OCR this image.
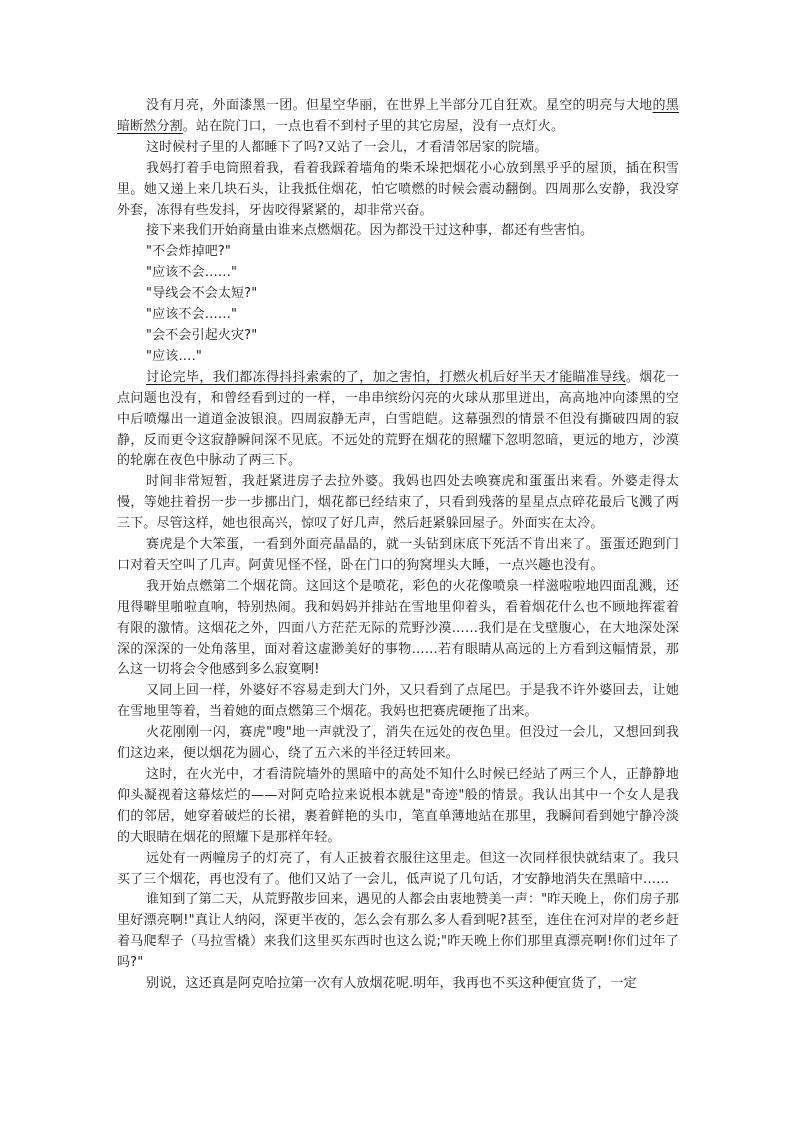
没有月亮，外面漆黑一团。但星空华丽，在世界上半部分兀自狂欢。星空的明亮与大地的黑暗断然分割。站在院门口，一点也看不到村子里的其它房屋，没有一点灯火。

这时候村子里的人都睡下了吗?又站了一会儿，才看清邻居家的院墙。

我妈打着手电筒照着我，看着我踩着墙角的柴禾垛把烟花小心放到黑乎乎的屋顶，插在积雪里。她又递上来几块石头，让我抵住烟花，怕它喷燃的时候会震动翻倒。四周那么安静，我没穿外套，冻得有些发抖，牙齿咬得紧紧的，却非常兴奋。

接下来我们开始商量由谁来点燃烟花。因为都没干过这种事，都还有些害怕。

"不会炸掉吧?"

"应该不会……"

"导线会不会太短?"

"应该不会……"

"会不会引起火灾?"

"应该…."

讨论完毕，我们都冻得抖抖索索的了，加之害怕，打燃火机后好半天才能瞄准导线。烟花一点问题也没有，和曾经看到过的一样，一串串缤纷闪亮的火球从那里迸出，高高地冲向漆黑的空中后喷爆出一道道金波银浪。四周寂静无声，白雪皑皑。这幕强烈的情景不但没有撕破四周的寂静，反而更令这寂静瞬间深不见底。不远处的荒野在烟花的照耀下忽明忽暗，更远的地方，沙漠的轮廓在夜色中脉动了两三下。

时间非常短暂，我赶紧进房子去拉外婆。我妈也四处去唤赛虎和蛋蛋出来看。外婆走得太慢，等她拄着拐一步一步挪出门，烟花都已经结束了，只看到残落的星星点点碎花最后飞溅了两三下。尽管这样，她也很高兴，惊叹了好几声，然后赶紧躲回屋子。外面实在太冷。

赛虎是个大笨蛋，一看到外面亮晶晶的，就一头钻到床底下死活不肯出来了。蛋蛋还跑到门口对着天空叫了几声。阿黄见怪不怪，卧在门口的狗窝埋头大睡，一点兴趣也没有。

我开始点燃第二个烟花筒。这回这个是喷花，彩色的火花像喷泉一样滋啦啦地四面乱溅，还甩得噼里啪啦直响，特别热闹。我和妈妈并排站在雪地里仰着头，看着烟花什么也不顾地挥霍着有限的激情。这烟花之外，四面八方茫茫无际的荒野沙漠……我们是在戈壁腹心，在大地深处深深的深深的一处角落里，面对着这虚渺美好的事物……若有眼睛从高远的上方看到这幅情景，那么这一切将会令他感到多么寂寞啊!

又同上回一样，外婆好不容易走到大门外，又只看到了点尾巴。于是我不许外婆回去，让她在雪地里等着，当着她的面点燃第三个烟花。我妈也把赛虎硬拖了出来。

火花刚刚一闪，赛虎"嗖"地一声就没了，消失在远处的夜色里。但没过一会儿，又想回到我们这边来，便以烟花为圆心，绕了五六米的半径迂转回来。

这时，在火光中，才看清院墙外的黑暗中的高处不知什么时候已经站了两三个人，正静静地仰头凝视着这幕炫烂的——对阿克哈拉来说根本就是"奇迹"般的情景。我认出其中一个女人是我们的邻居，她穿着破烂的长裙，裹着鲜艳的头巾，笔直单薄地站在那里，我瞬间看到她宁静冷淡的大眼睛在烟花的照耀下是那样年轻。

远处有一两幢房子的灯亮了，有人正披着衣服往这里走。但这一次同样很快就结束了。我只买了三个烟花，再也没有了。他们又站了一会儿，低声说了几句话，才安静地消失在黑暗中……

谁知到了第二天，从荒野散步回来，遇见的人都会由衷地赞美一声："昨天晚上，你们房子那里好漂亮啊!"真让人纳闷，深更半夜的，怎么会有那么多人看到呢?甚至，连住在河对岸的老乡赶着马爬犁子（马拉雪橇）来我们这里买东西时也这么说;"昨天晚上你们那里真漂亮啊!你们过年了吗?"

别说，这还真是阿克哈拉第一次有人放烟花呢.明年，我再也不买这种便宜货了，一定
